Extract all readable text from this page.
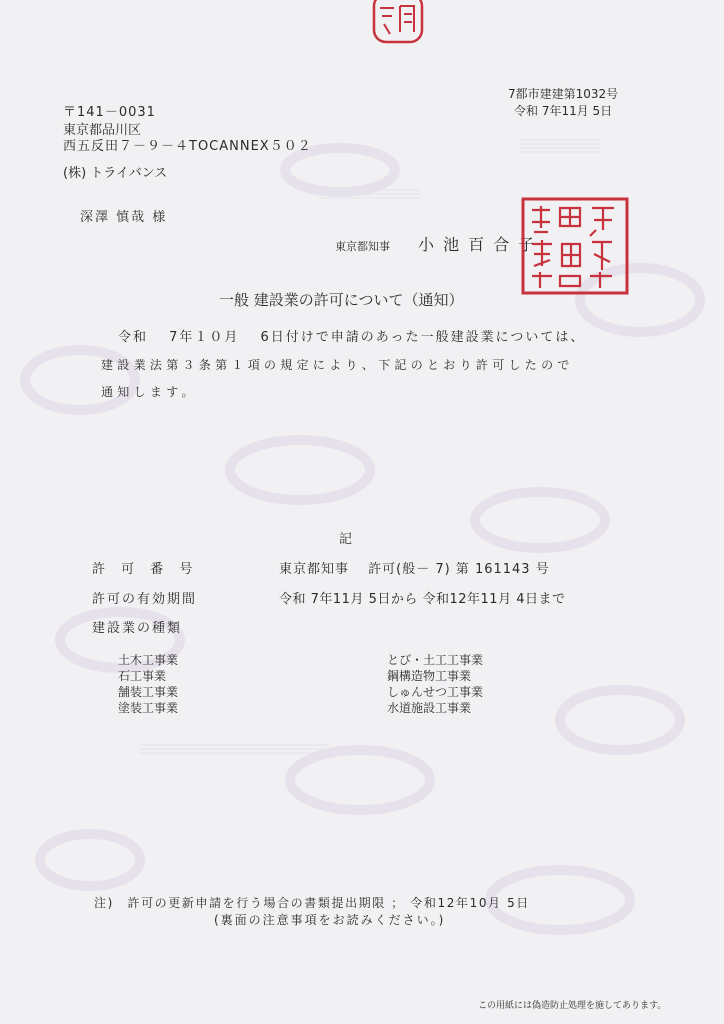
7都市建建第1032号
令和 7年11月 5日
〒141－0031
東京都品川区
西五反田７－９－４TOCANNEX５０２
(株) トライバンス
深澤 慎哉 様
東京都知事 小 池 百 合 子
一般 建設業の許可について（通知）
令和　 7年１０月　 6日付けで申請のあった一般建設業については、
建設業法第３条第１項の規定により、下記のとおり許可したので
通知します。
記
許 可 番 号	東京都知事　 許可(般－ 7) 第 161143 号
許可の有効期間	令和 7年11月 5日から 令和12年11月 4日まで
建設業の種類
土木工事業
石工事業
舗装工事業
塗装工事業
とび・土工工事業
鋼構造物工事業
しゅんせつ工事業
水道施設工事業
注)　許可の更新申請を行う場合の書類提出期限 ； 令和12年10月 5日
(裏面の注意事項をお読みください。)
この用紙には偽造防止処理を施してあります。
